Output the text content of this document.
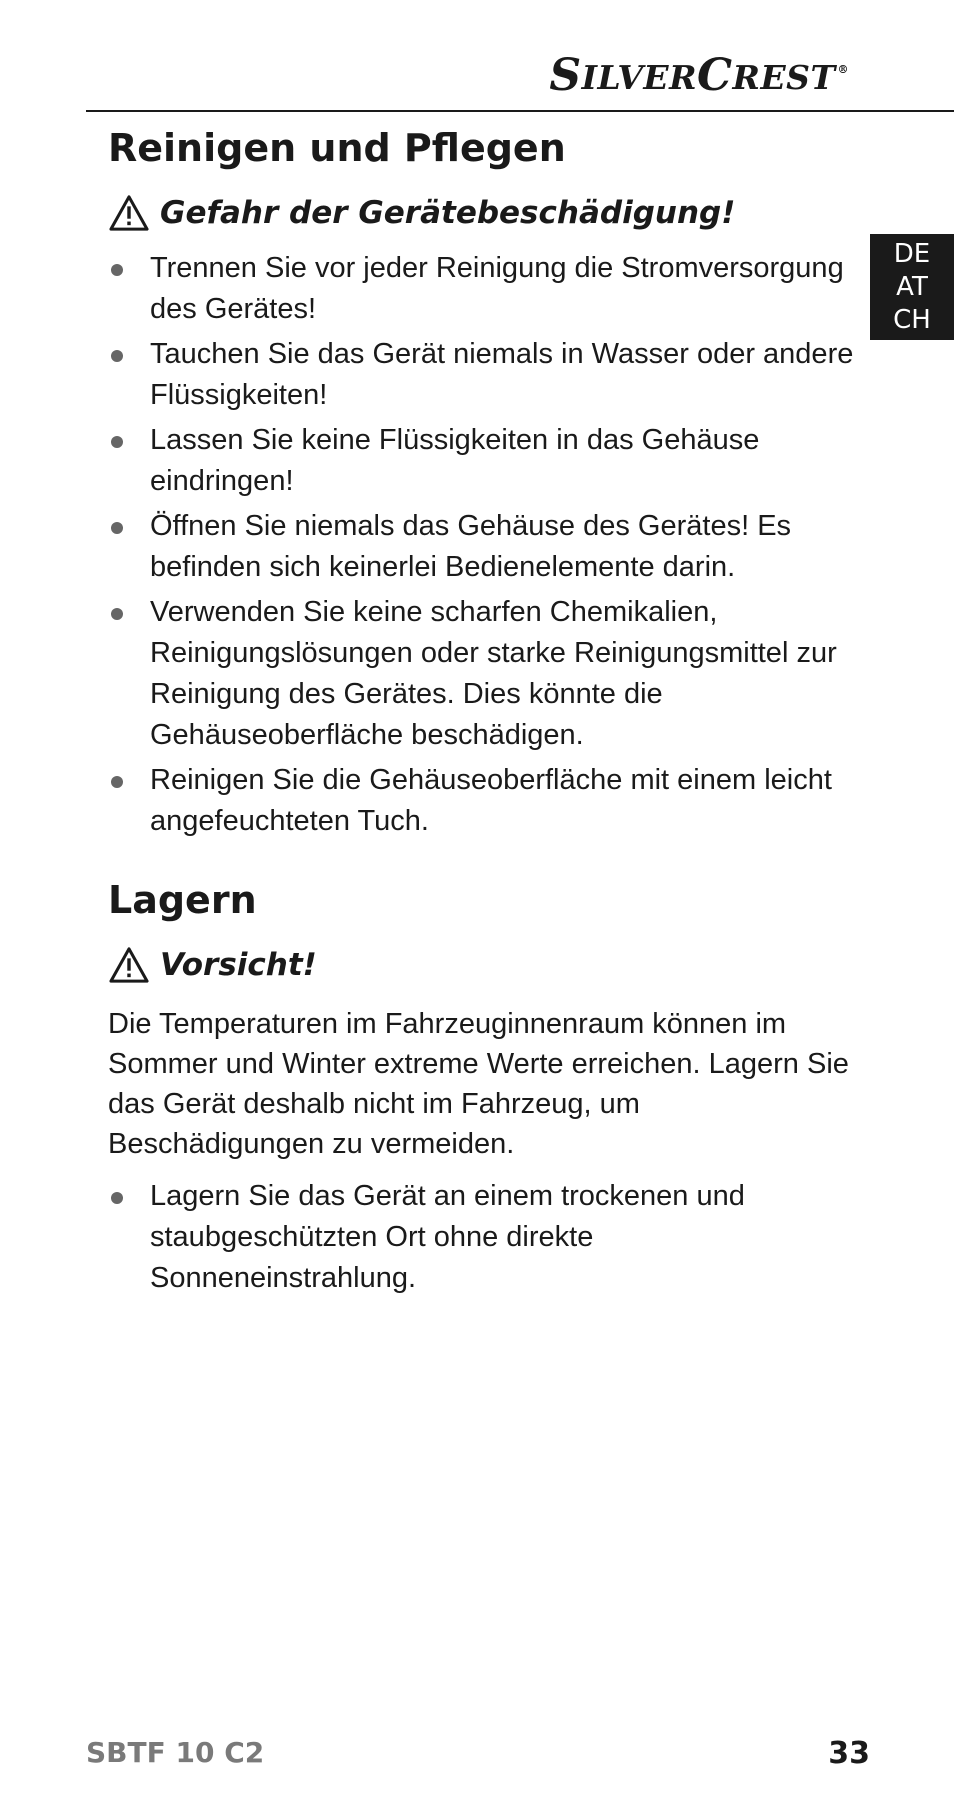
S ILVER C REST ®
DE
AT
CH
Reinigen und Pflegen
Gefahr der Gerätebeschädigung!
Trennen Sie vor jeder Reinigung die Stromversorgung des Gerätes!
Tauchen Sie das Gerät niemals in Wasser oder andere Flüssigkeiten!
Lassen Sie keine Flüssigkeiten in das Gehäuse eindringen!
Öffnen Sie niemals das Gehäuse des Gerätes! Es befinden sich keinerlei Bedienelemente darin.
Verwenden Sie keine scharfen Chemikalien, Reinigungslösungen oder starke Reinigungsmittel zur Reinigung des Gerätes. Dies könnte die Gehäuseoberfläche beschädigen.
Reinigen Sie die Gehäuseoberfläche mit einem leicht angefeuchteten Tuch.
Lagern
Vorsicht!

Die Temperaturen im Fahrzeuginnenraum können im Sommer und Winter extreme Werte erreichen. Lagern Sie das Gerät deshalb nicht im Fahrzeug, um Beschädigungen zu vermeiden.

Lagern Sie das Gerät an einem trockenen und staubgeschützten Ort ohne direkte Sonneneinstrahlung.
SBTF 10 C2	33
